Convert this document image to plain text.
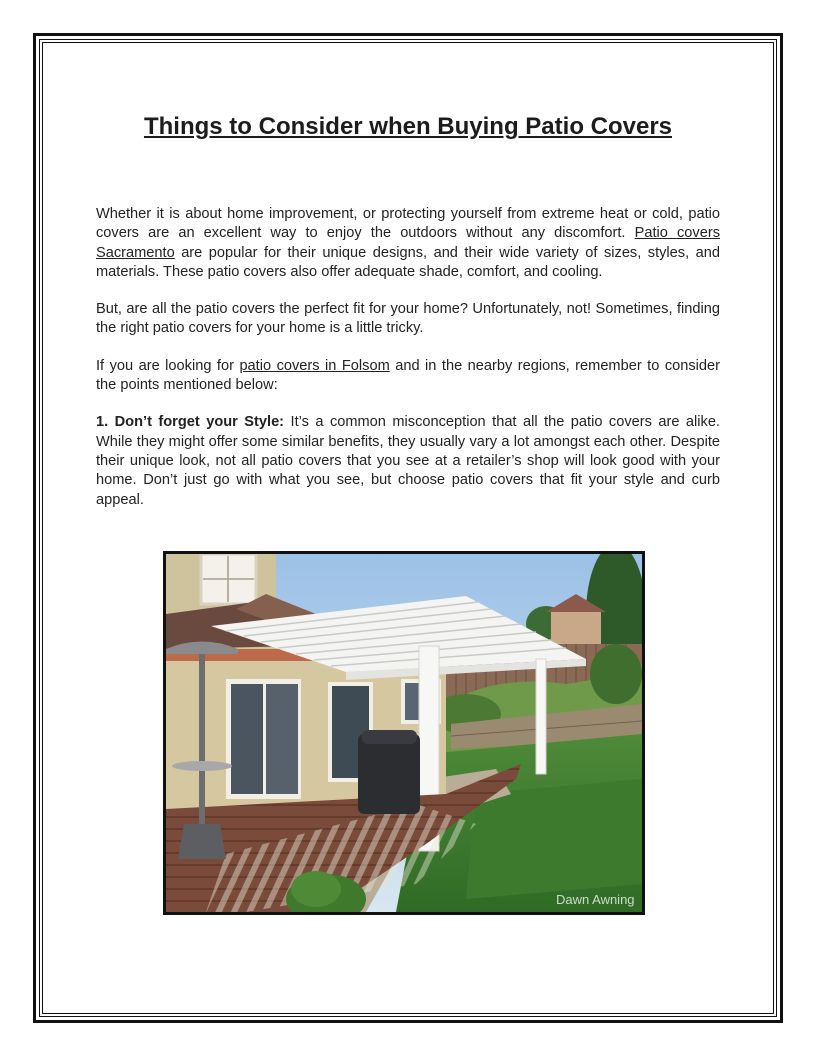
Things to Consider when Buying Patio Covers

Whether it is about home improvement, or protecting yourself from extreme heat or cold, patio covers are an excellent way to enjoy the outdoors without any discomfort. Patio covers Sacramento are popular for their unique designs, and their wide variety of sizes, styles, and materials. These patio covers also offer adequate shade, comfort, and cooling.

But, are all the patio covers the perfect fit for your home? Unfortunately, not! Sometimes, finding the right patio covers for your home is a little tricky.

If you are looking for patio covers in Folsom and in the nearby regions, remember to consider the points mentioned below:

1. Don’t forget your Style: It’s a common misconception that all the patio covers are alike. While they might offer some similar benefits, they usually vary a lot amongst each other. Despite their unique look, not all patio covers that you see at a retailer’s shop will look good with your home. Don’t just go with what you see, but choose patio covers that fit your style and curb appeal.

Dawn Awning
